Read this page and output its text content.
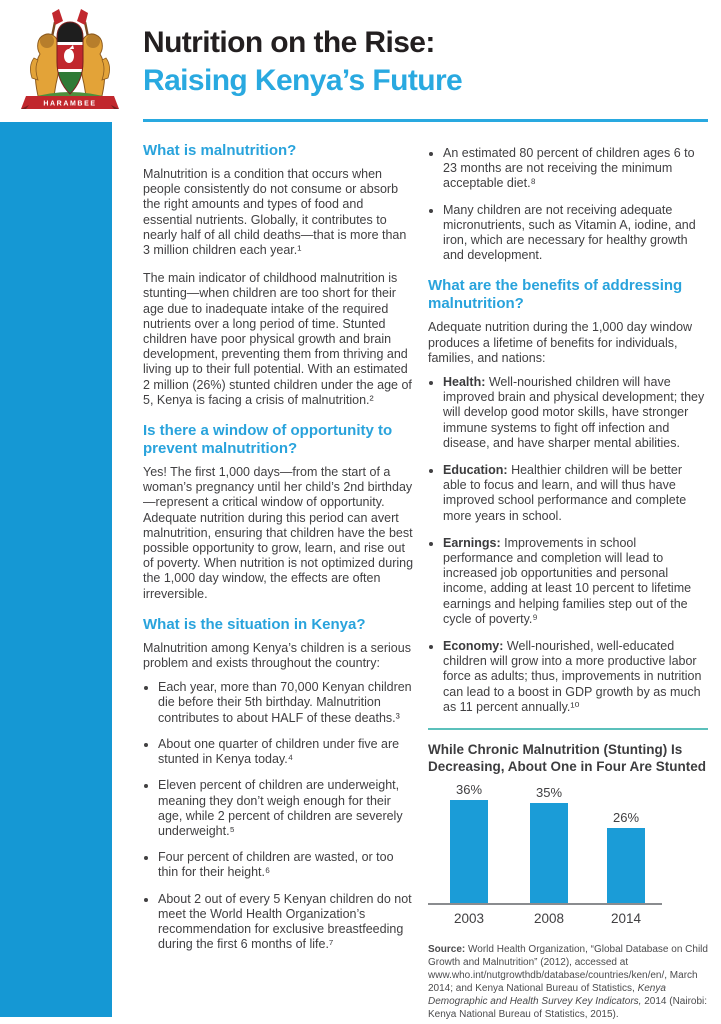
HARAMBEE
Nutrition on the Rise:
Raising Kenya’s Future
What is malnutrition?

Malnutrition is a condition that occurs when people consistently do not consume or absorb the right amounts and types of food and essential nutrients. Globally, it contributes to nearly half of all child deaths—that is more than 3 million children each year.¹

The main indicator of childhood malnutrition is stunting—when children are too short for their age due to inadequate intake of the required nutrients over a long period of time. Stunted children have poor physical growth and brain development, preventing them from thriving and living up to their full potential. With an estimated 2 million (26%) stunted children under the age of 5, Kenya is facing a crisis of malnutrition.²

Is there a window of opportunity to prevent malnutrition?

Yes! The first 1,000 days—from the start of a woman’s pregnancy until her child’s 2nd birthday—represent a critical window of opportunity. Adequate nutrition during this period can avert malnutrition, ensuring that children have the best possible opportunity to grow, learn, and rise out of poverty. When nutrition is not optimized during the 1,000 day window, the effects are often irreversible.

What is the situation in Kenya?

Malnutrition among Kenya’s children is a serious problem and exists throughout the country:

• Each year, more than 70,000 Kenyan children die before their 5th birthday. Malnutrition contributes to about HALF of these deaths.³
• About one quarter of children under five are stunted in Kenya today.⁴
• Eleven percent of children are underweight, meaning they don’t weigh enough for their age, while 2 percent of children are severely underweight.⁵
• Four percent of children are wasted, or too thin for their height.⁶
• About 2 out of every 5 Kenyan children do not meet the World Health Organization’s recommendation for exclusive breastfeeding during the first 6 months of life.⁷
• An estimated 80 percent of children ages 6 to 23 months are not receiving the minimum acceptable diet.⁸
• Many children are not receiving adequate micronutrients, such as Vitamin A, iodine, and iron, which are necessary for healthy growth and development.
What are the benefits of addressing malnutrition?

Adequate nutrition during the 1,000 day window produces a lifetime of benefits for individuals, families, and nations:

• Health: Well-nourished children will have improved brain and physical development; they will develop good motor skills, have stronger immune systems to fight off infection and disease, and have sharper mental abilities.
• Education: Healthier children will be better able to focus and learn, and will thus have improved school performance and complete more years in school.
• Earnings: Improvements in school performance and completion will lead to increased job opportunities and personal income, adding at least 10 percent to lifetime earnings and helping families step out of the cycle of poverty.⁹
• Economy: Well-nourished, well-educated children will grow into a more productive labor force as adults; thus, improvements in nutrition can lead to a boost in GDP growth by as much as 11 percent annually.¹⁰
While Chronic Malnutrition (Stunting) Is Decreasing, About One in Four Are Stunted
36%	35%
26%
2003	2008	2014

Source: World Health Organization, “Global Database on Child Growth and Malnutrition” (2012), accessed at www.who.int/nutgrowthdb/database/countries/ken/en/, March 2014; and Kenya National Bureau of Statistics, Kenya Demographic and Health Survey Key Indicators, 2014 (Nairobi: Kenya National Bureau of Statistics, 2015).
